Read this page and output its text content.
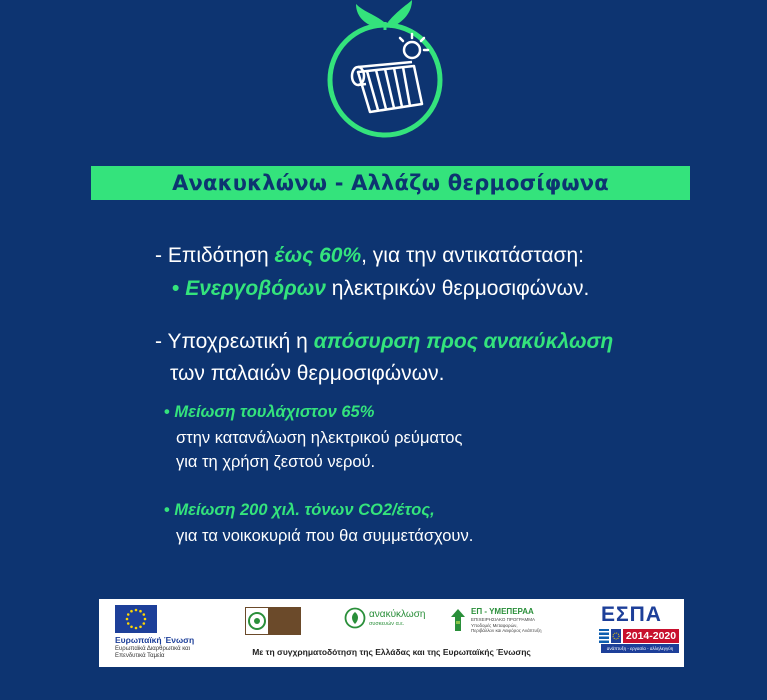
Ανακυκλώνω - Αλλάζω θερμοσίφωνα
- Επιδότηση έως 60%, για την αντικατάσταση:
• Ενεργοβόρων ηλεκτρικών θερμοσιφώνων.
- Υποχρεωτική η απόσυρση προς ανακύκλωση
των παλαιών θερμοσιφώνων.
• Μείωση τουλάχιστον 65%
στην κατανάλωση ηλεκτρικού ρεύματος
για τη χρήση ζεστού νερού.
• Μείωση 200 χιλ. τόνων CO2/έτος,
για τα νοικοκυριά που θα συμμετάσχουν.
Ευρωπαϊκή Ένωση
Ευρωπαϊκά Διαρθρωτικά και
Επενδυτικά Ταμεία
ανακύκλωση
συσκευών α.ε.
ΕΠ - ΥΜΕΠΕΡΑΑ
ΕΠΙΧΕΙΡΗΣΙΑΚΟ ΠΡΟΓΡΑΜΜΑ
Υποδομές Μεταφορών,
Περιβάλλον και Αειφόρος Ανάπτυξη
ΕΣΠΑ
2014-2020
ανάπτυξη - εργασία - αλληλεγγύη
Με τη συγχρηματοδότηση της Ελλάδας και της Ευρωπαϊκής Ένωσης
